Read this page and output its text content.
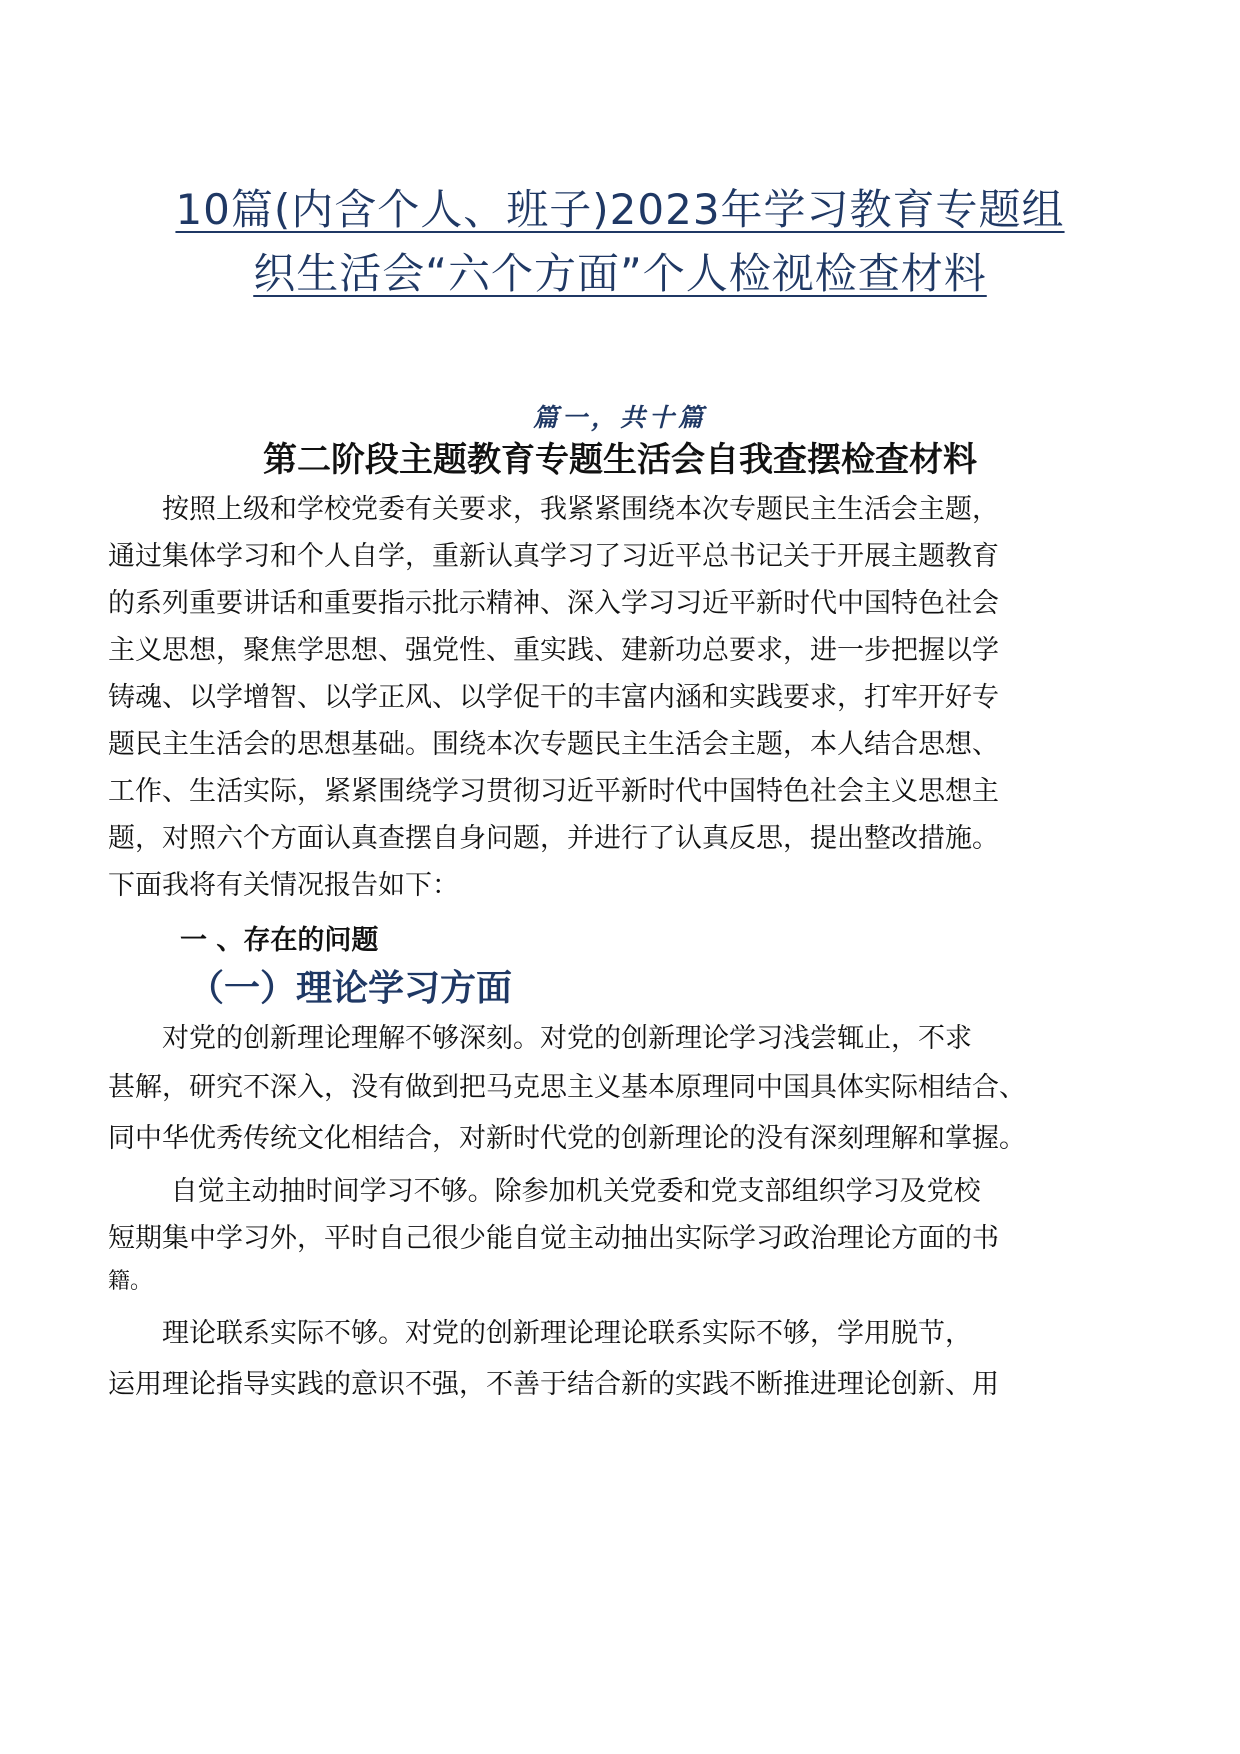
10篇(内含个人、班子)2023年学习教育专题组
织生活会“六个方面”个人检视检查材料
篇一，共十篇
第二阶段主题教育专题生活会自我查摆检查材料
　　按照上级和学校党委有关要求，我紧紧围绕本次专题民主生活会主题，
通过集体学习和个人自学，重新认真学习了习近平总书记关于开展主题教育
的系列重要讲话和重要指示批示精神、深入学习习近平新时代中国特色社会
主义思想，聚焦学思想、强党性、重实践、建新功总要求，进一步把握以学
铸魂、以学增智、以学正风、以学促干的丰富内涵和实践要求，打牢开好专
题民主生活会的思想基础。围绕本次专题民主生活会主题，本人结合思想、
工作、生活实际，紧紧围绕学习贯彻习近平新时代中国特色社会主义思想主
题，对照六个方面认真查摆自身问题，并进行了认真反思，提出整改措施。
下面我将有关情况报告如下：
一 、存在的问题
（一）理论学习方面
　　对党的创新理论理解不够深刻。对党的创新理论学习浅尝辄止，不求
甚解，研究不深入，没有做到把马克思主义基本原理同中国具体实际相结合、
同中华优秀传统文化相结合，对新时代党的创新理论的没有深刻理解和掌握。
　　 自觉主动抽时间学习不够。除参加机关党委和党支部组织学习及党校
短期集中学习外，平时自己很少能自觉主动抽出实际学习政治理论方面的书
籍。
　　理论联系实际不够。对党的创新理论理论联系实际不够，学用脱节，
运用理论指导实践的意识不强，不善于结合新的实践不断推进理论创新、用
